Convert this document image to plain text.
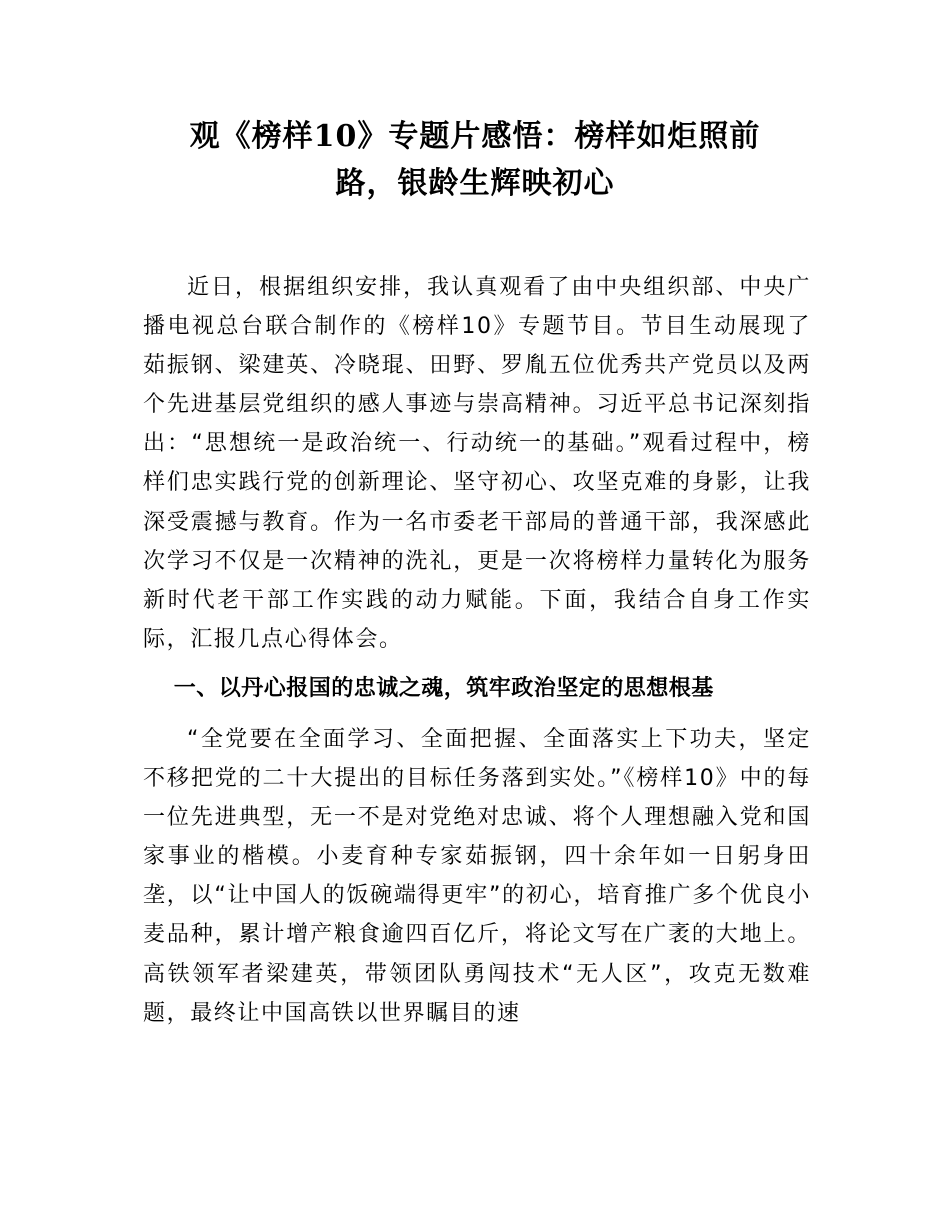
观《榜样10》专题片感悟：榜样如炬照前
路，银龄生辉映初心

近日，根据组织安排，我认真观看了由中央组织部、中央广播电视总台联合制作的《榜样10》专题节目。节目生动展现了茹振钢、梁建英、冷晓琨、田野、罗胤五位优秀共产党员以及两个先进基层党组织的感人事迹与崇高精神。习近平总书记深刻指出：“思想统一是政治统一、行动统一的基础。”观看过程中，榜样们忠实践行党的创新理论、坚守初心、攻坚克难的身影，让我深受震撼与教育。作为一名市委老干部局的普通干部，我深感此次学习不仅是一次精神的洗礼，更是一次将榜样力量转化为服务新时代老干部工作实践的动力赋能。下面，我结合自身工作实际，汇报几点心得体会。

一、以丹心报国的忠诚之魂，筑牢政治坚定的思想根基

“全党要在全面学习、全面把握、全面落实上下功夫，坚定不移把党的二十大提出的目标任务落到实处。”《榜样10》中的每一位先进典型，无一不是对党绝对忠诚、将个人理想融入党和国家事业的楷模。小麦育种专家茹振钢，四十余年如一日躬身田垄，以“让中国人的饭碗端得更牢”的初心，培育推广多个优良小麦品种，累计增产粮食逾四百亿斤，将论文写在广袤的大地上。高铁领军者梁建英，带领团队勇闯技术“无人区”，攻克无数难题，最终让中国高铁以世界瞩目的速
